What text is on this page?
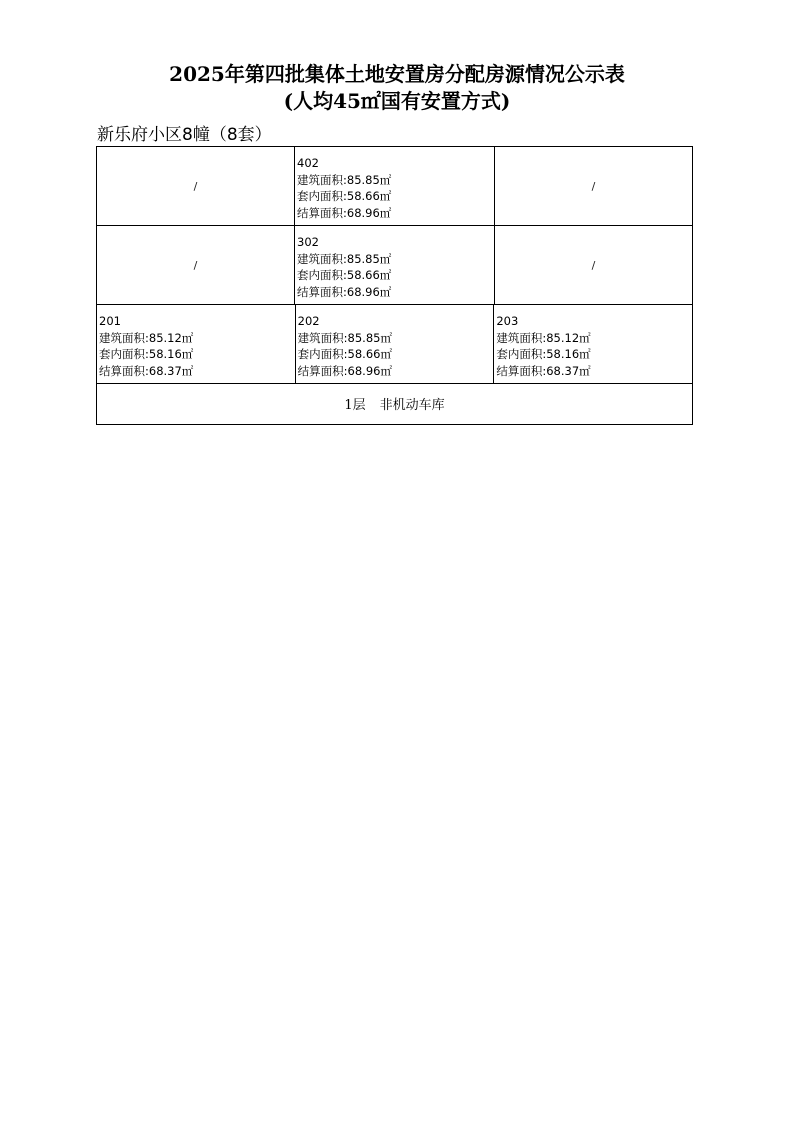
2025年第四批集体土地安置房分配房源情况公示表
(人均45㎡国有安置方式)
新乐府小区8幢（8套）
/
402
建筑面积:85.85㎡
套内面积:58.66㎡
结算面积:68.96㎡
/
/
302
建筑面积:85.85㎡
套内面积:58.66㎡
结算面积:68.96㎡
/
201
建筑面积:85.12㎡
套内面积:58.16㎡
结算面积:68.37㎡
202
建筑面积:85.85㎡
套内面积:58.66㎡
结算面积:68.96㎡
203
建筑面积:85.12㎡
套内面积:58.16㎡
结算面积:68.37㎡
1层 非机动车库
